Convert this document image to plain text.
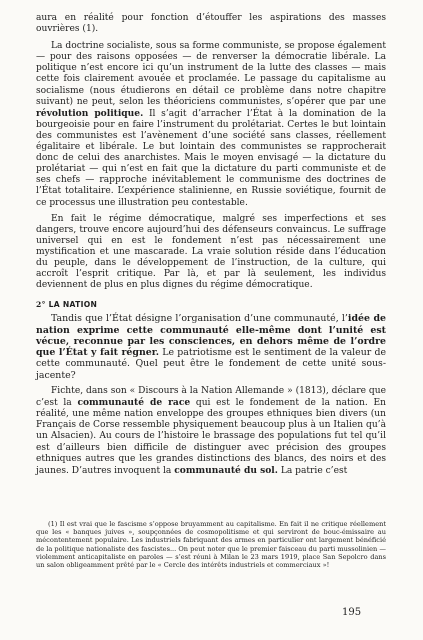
aura en réalité pour fonction d’étouffer les aspirations des masses ouvrières (1).

La doctrine socialiste, sous sa forme communiste, se propose également — pour des raisons opposées — de renverser la démocratie libérale. La politique n’est encore ici qu’un instrument de la lutte des classes — mais cette fois clairement avouée et proclamée. Le passage du capitalisme au socialisme (nous étudierons en détail ce problème dans notre chapitre suivant) ne peut, selon les théoriciens communistes, s’opérer que par une révolution politique. Il s’agit d’arracher l’État à la domination de la bourgeoisie pour en faire l’instrument du prolétariat. Certes le but lointain des communistes est l’avènement d’une société sans classes, réellement égalitaire et libérale. Le but lointain des communistes se rapprocherait donc de celui des anarchistes. Mais le moyen envisagé — la dictature du prolétariat — qui n’est en fait que la dictature du parti communiste et de ses chefs — rapproche inévitablement le communisme des doctrines de l’État totalitaire. L’expérience stalinienne, en Russie soviétique, fournit de ce processus une illustration peu contestable.

En fait le régime démocratique, malgré ses imperfections et ses dangers, trouve encore aujourd’hui des défenseurs convaincus. Le suffrage universel qui en est le fondement n’est pas nécessairement une mystification et une mascarade. La vraie solution réside dans l’éducation du peuple, dans le développement de l’instruction, de la culture, qui accroît l’esprit critique. Par là, et par là seulement, les individus deviennent de plus en plus dignes du régime démocratique.

2° LA NATION

Tandis que l’État désigne l’organisation d’une communauté, l’idée de nation exprime cette communauté elle-même dont l’unité est vécue, reconnue par les consciences, en dehors même de l’ordre que l’État y fait régner. Le patriotisme est le sentiment de la valeur de cette communauté. Quel peut être le fondement de cette unité sous-jacente?

Fichte, dans son « Discours à la Nation Allemande » (1813), déclare que c’est la communauté de race qui est le fondement de la nation. En réalité, une même nation enveloppe des groupes ethniques bien divers (un Français de Corse ressemble physiquement beaucoup plus à un Italien qu’à un Alsacien). Au cours de l’histoire le brassage des populations fut tel qu’il est d’ailleurs bien difficile de distinguer avec précision des groupes ethniques autres que les grandes distinctions des blancs, des noirs et des jaunes. D’autres invoquent la communauté du sol. La patrie c’est

(1) Il est vrai que le fascisme s’oppose bruyamment au capitalisme. En fait il ne critique réellement que les « banques juives », soupçonnées de cosmopolitisme et qui serviront de bouc-émissaire au mécontentement populaire. Les industriels fabriquant des armes en particulier ont largement bénéficié de la politique nationaliste des fascistes... On peut noter que le premier faisceau du parti mussolinien — violemment anticapitaliste en paroles — s’est réuni à Milan le 23 mars 1919, place San Sepolcro dans un salon obligeamment prêté par le « Cercle des intérêts industriels et commerciaux »!

195
